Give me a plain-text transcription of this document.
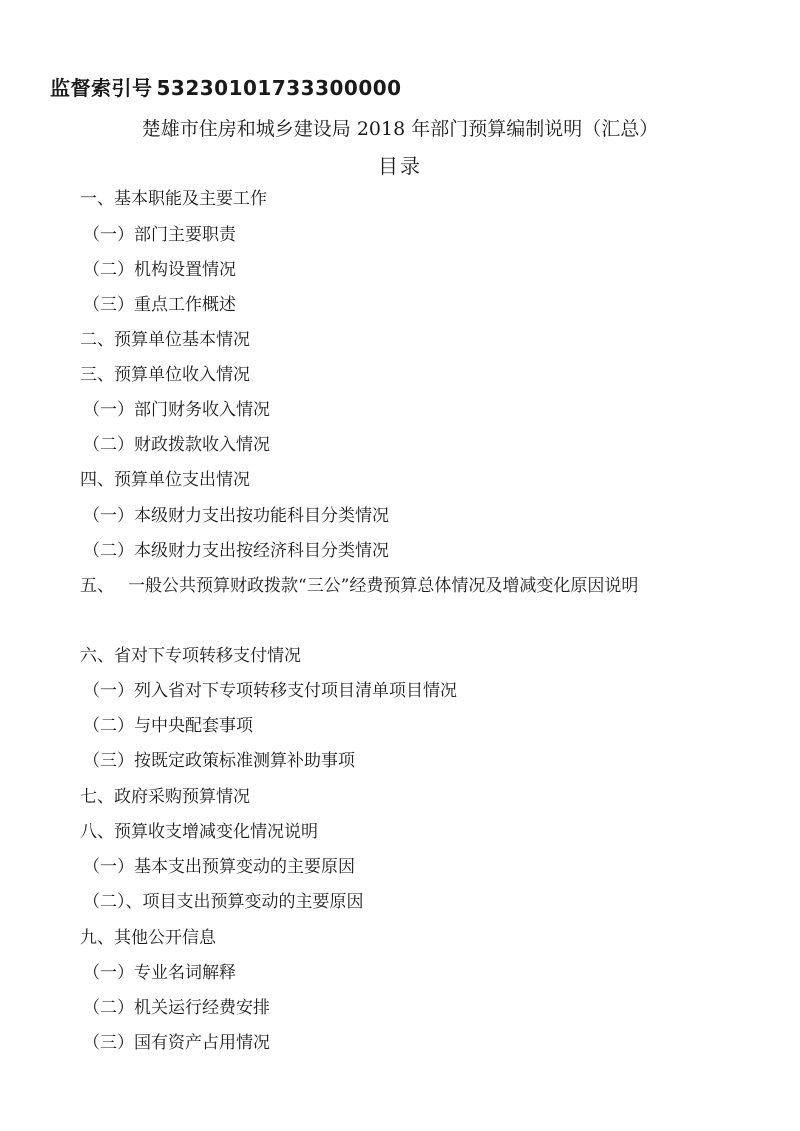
监督索引号 53230101733300000
楚雄市住房和城乡建设局 2018 年部门预算编制说明（汇总）
目录
一、基本职能及主要工作
（一）部门主要职责
（二）机构设置情况
（三）重点工作概述
二、预算单位基本情况
三、预算单位收入情况
（一）部门财务收入情况
（二）财政拨款收入情况
四、预算单位支出情况
（一）本级财力支出按功能科目分类情况
（二）本级财力支出按经济科目分类情况
五、 一般公共预算财政拨款“三公”经费预算总体情况及增减变化原因说明
六、省对下专项转移支付情况
（一）列入省对下专项转移支付项目清单项目情况
（二）与中央配套事项
（三）按既定政策标准测算补助事项
七、政府采购预算情况
八、预算收支增减变化情况说明
（一）基本支出预算变动的主要原因
（二）、项目支出预算变动的主要原因
九、其他公开信息
（一）专业名词解释
（二）机关运行经费安排
（三）国有资产占用情况
